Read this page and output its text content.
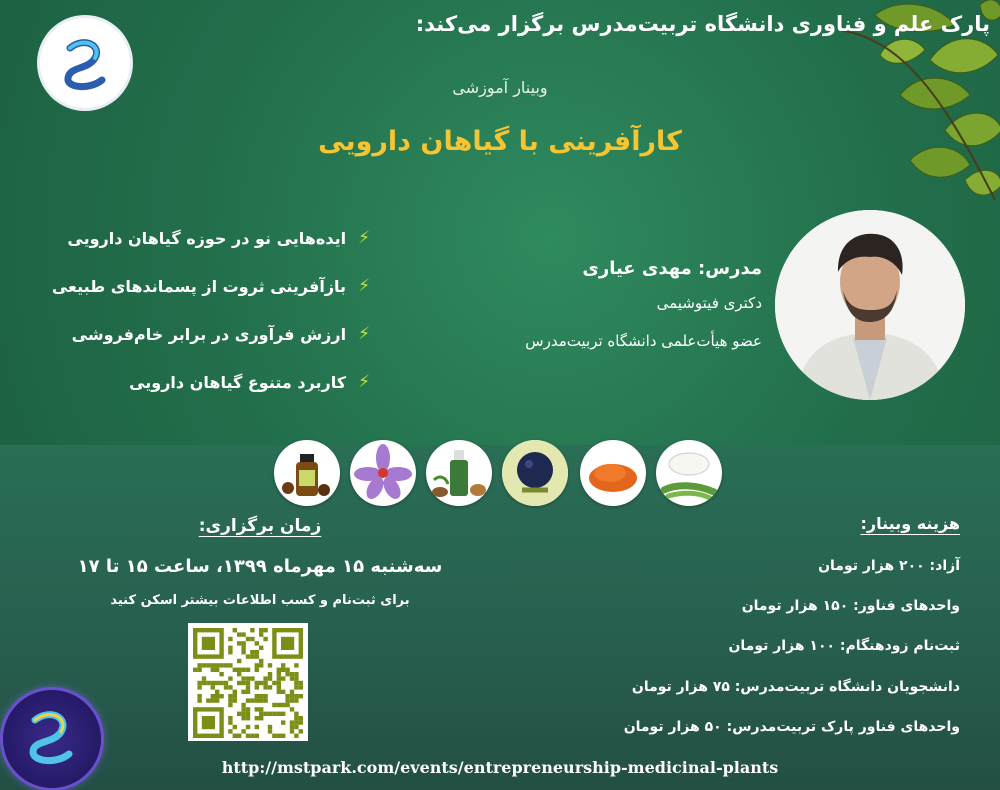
پارک علم و فناوری دانشگاه تربیت‌مدرس برگزار می‌کند:
وبینار آموزشی
کارآفرینی با گیاهان دارویی
ایده‌هایی نو در حوزه گیاهان دارویی ⚡
بازآفرینی ثروت از پسماندهای طبیعی ⚡
ارزش فرآوری در برابر خام‌فروشی ⚡
کاربرد متنوع گیاهان دارویی ⚡
مدرس: مهدی عیاری
دکتری فیتوشیمی
عضو هیأت‌علمی دانشگاه تربیت‌مدرس
زمان برگزاری:
سه‌شنبه ۱۵ مهرماه ۱۳۹۹، ساعت ۱۵ تا ۱۷
برای ثبت‌نام و کسب اطلاعات بیشتر اسکن کنید
هزینه وبینار:
آزاد: ۲۰۰ هزار تومان
واحدهای فناور: ۱۵۰ هزار تومان
ثبت‌نام زودهنگام: ۱۰۰ هزار تومان
دانشجویان دانشگاه تربیت‌مدرس: ۷۵ هزار تومان
واحدهای فناور پارک تربیت‌مدرس: ۵۰ هزار تومان
http://mstpark.com/events/entrepreneurship-medicinal-plants
